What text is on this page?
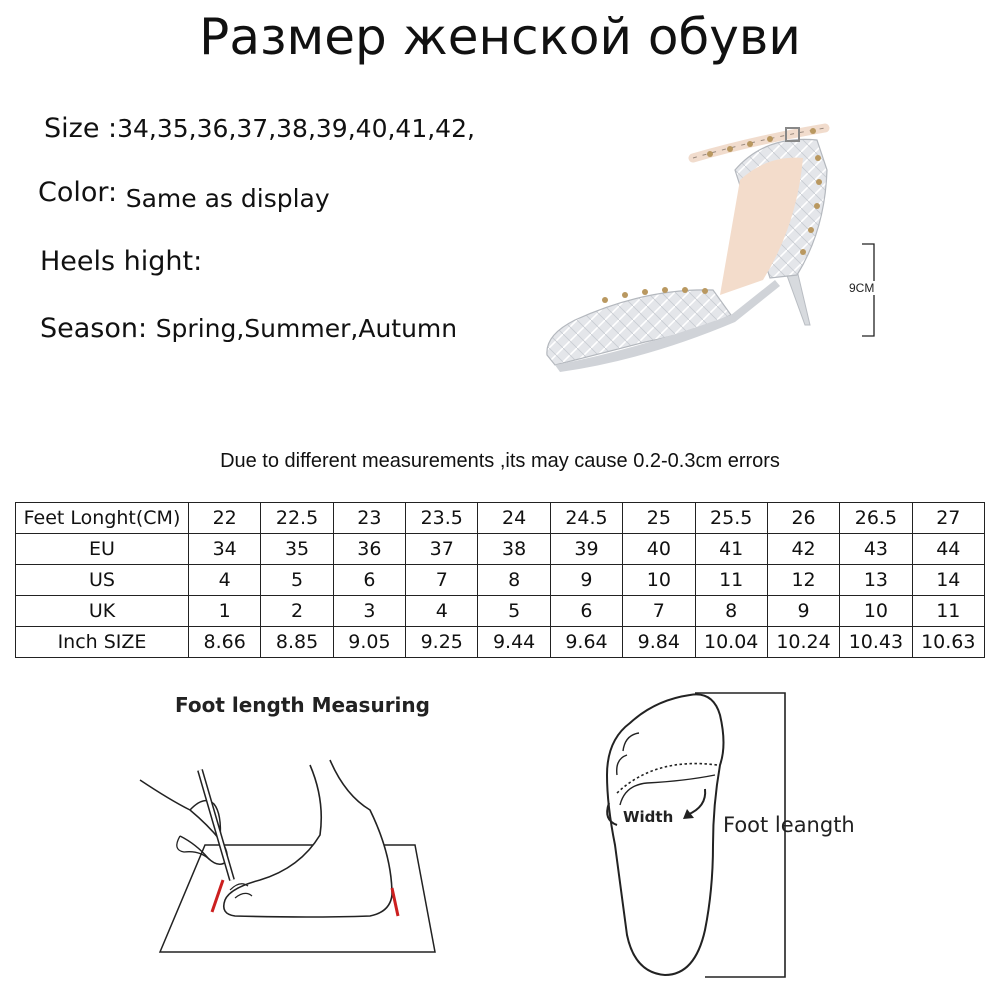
Размер женской обуви
Size :34,35,36,37,38,39,40,41,42,
Color: Same as display
Heels hight:
Season: Spring,Summer,Autumn
9CM
Due to different measurements ,its may cause 0.2-0.3cm errors
Feet Longht(CM)	22	22.5	23	23.5	24	24.5	25	25.5	26	26.5	27
EU	34	35	36	37	38	39	40	41	42	43	44
US	4	5	6	7	8	9	10	11	12	13	14
UK	1	2	3	4	5	6	7	8	9	10	11
Inch SIZE	8.66	8.85	9.05	9.25	9.44	9.64	9.84	10.04	10.24	10.43	10.63
Foot length Measuring
Width Foot leangth
